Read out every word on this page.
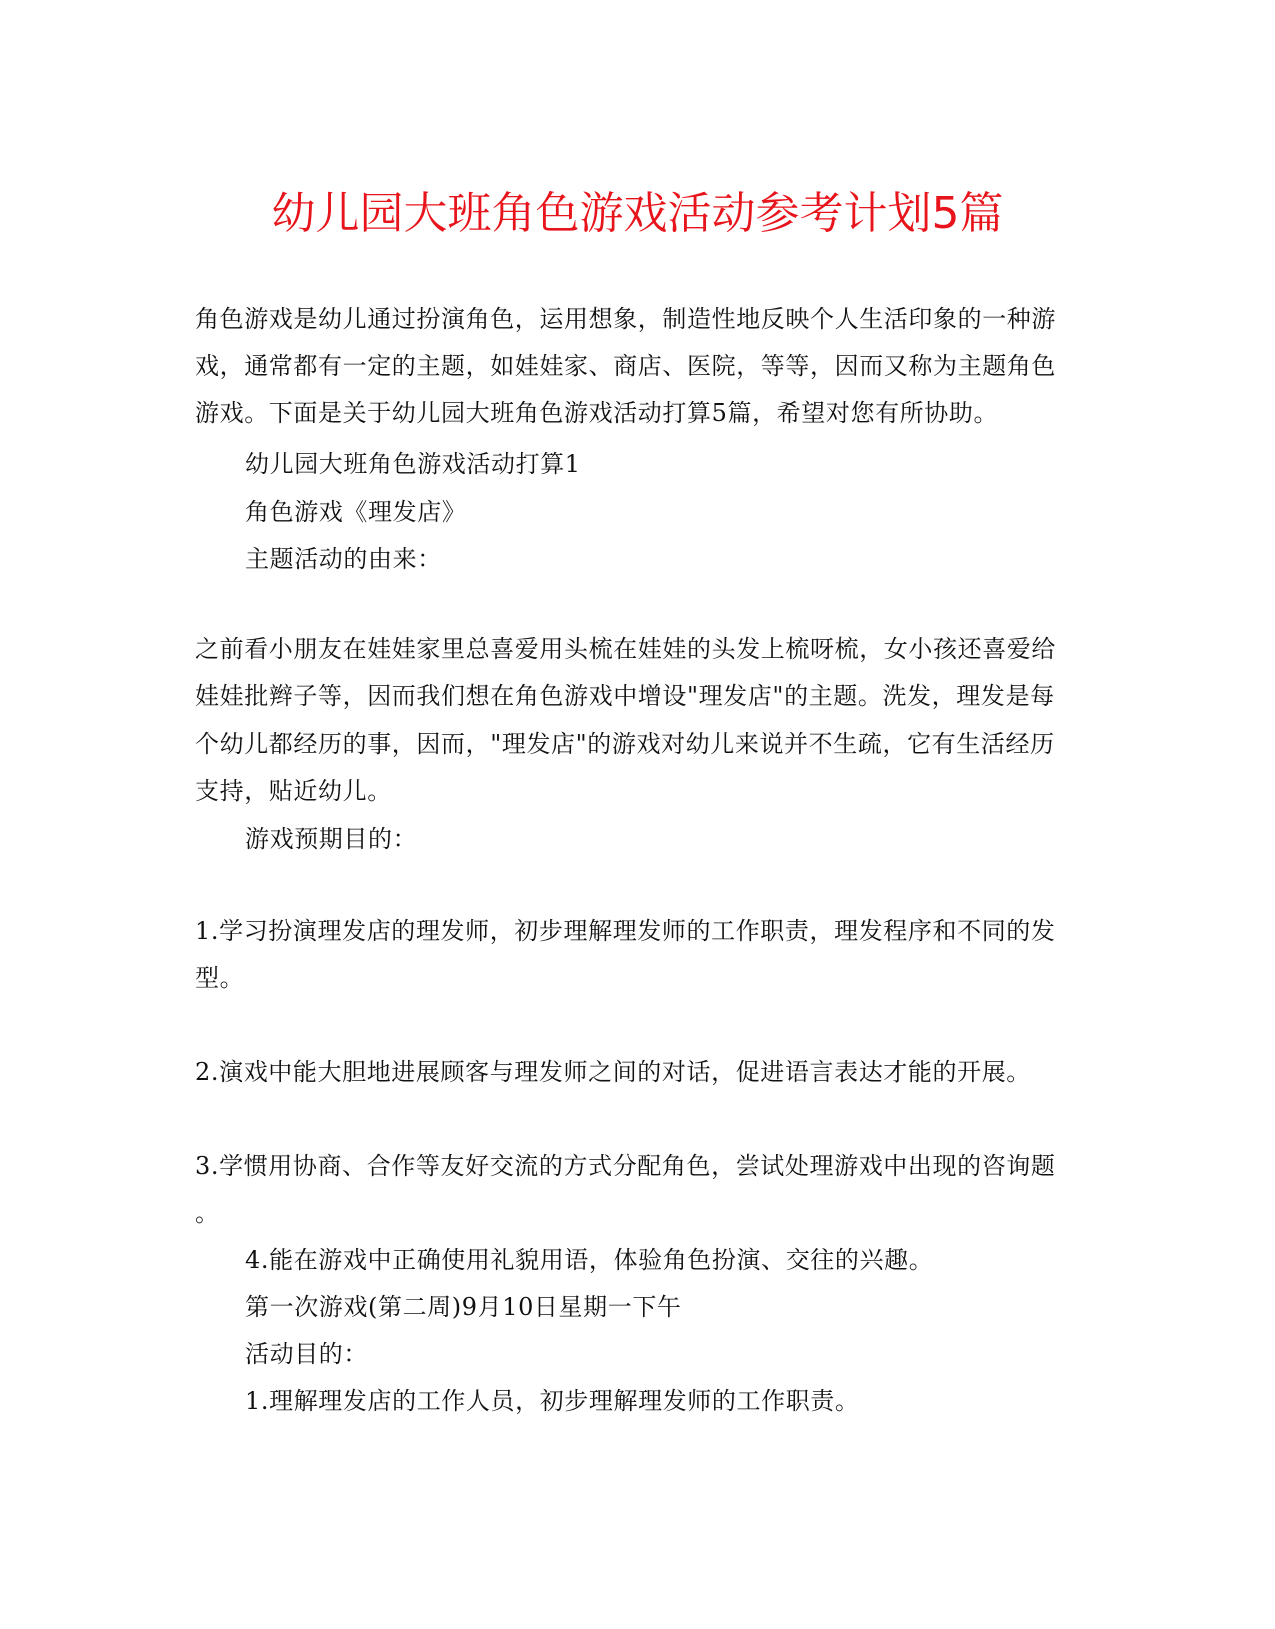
幼儿园大班角色游戏活动参考计划5篇
角色游戏是幼儿通过扮演角色，运用想象，制造性地反映个人生活印象的一种游
戏，通常都有一定的主题，如娃娃家、商店、医院，等等，因而又称为主题角色
游戏。下面是关于幼儿园大班角色游戏活动打算5篇，希望对您有所协助。
幼儿园大班角色游戏活动打算1
角色游戏《理发店》
主题活动的由来：
之前看小朋友在娃娃家里总喜爱用头梳在娃娃的头发上梳呀梳，女小孩还喜爱给
娃娃批辫子等，因而我们想在角色游戏中增设"理发店"的主题。洗发，理发是每
个幼儿都经历的事，因而，"理发店"的游戏对幼儿来说并不生疏，它有生活经历
支持，贴近幼儿。
游戏预期目的：
1.学习扮演理发店的理发师，初步理解理发师的工作职责，理发程序和不同的发
型。
2.演戏中能大胆地进展顾客与理发师之间的对话，促进语言表达才能的开展。
3.学惯用协商、合作等友好交流的方式分配角色，尝试处理游戏中出现的咨询题
。
4.能在游戏中正确使用礼貌用语，体验角色扮演、交往的兴趣。
第一次游戏(第二周)9月10日星期一下午
活动目的：
1.理解理发店的工作人员，初步理解理发师的工作职责。
